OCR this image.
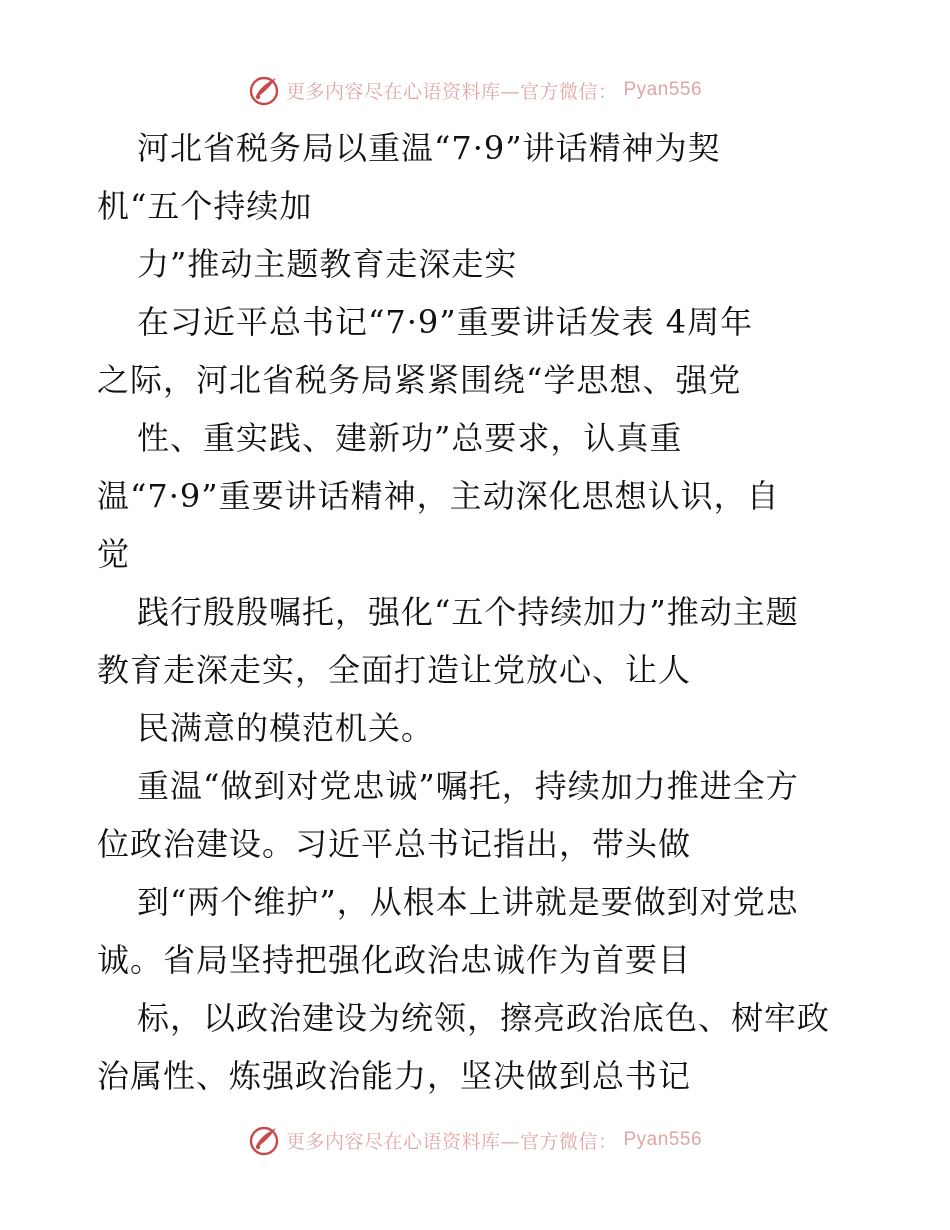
更多内容尽在心语资料库—官方微信： Pyan556
河北省税务局以重温“7·9”讲话精神为契
机“五个持续加
力”推动主题教育走深走实
在习近平总书记“7·9”重要讲话发表 4周年
之际，河北省税务局紧紧围绕“学思想、强党
性、重实践、建新功”总要求，认真重
温“7·9”重要讲话精神，主动深化思想认识，自
觉
践行殷殷嘱托，强化“五个持续加力”推动主题
教育走深走实，全面打造让党放心、让人
民满意的模范机关。
重温“做到对党忠诚”嘱托，持续加力推进全方
位政治建设。习近平总书记指出，带头做
到“两个维护”，从根本上讲就是要做到对党忠
诚。省局坚持把强化政治忠诚作为首要目
标，以政治建设为统领，擦亮政治底色、树牢政
治属性、炼强政治能力，坚决做到总书记
更多内容尽在心语资料库—官方微信： Pyan556
